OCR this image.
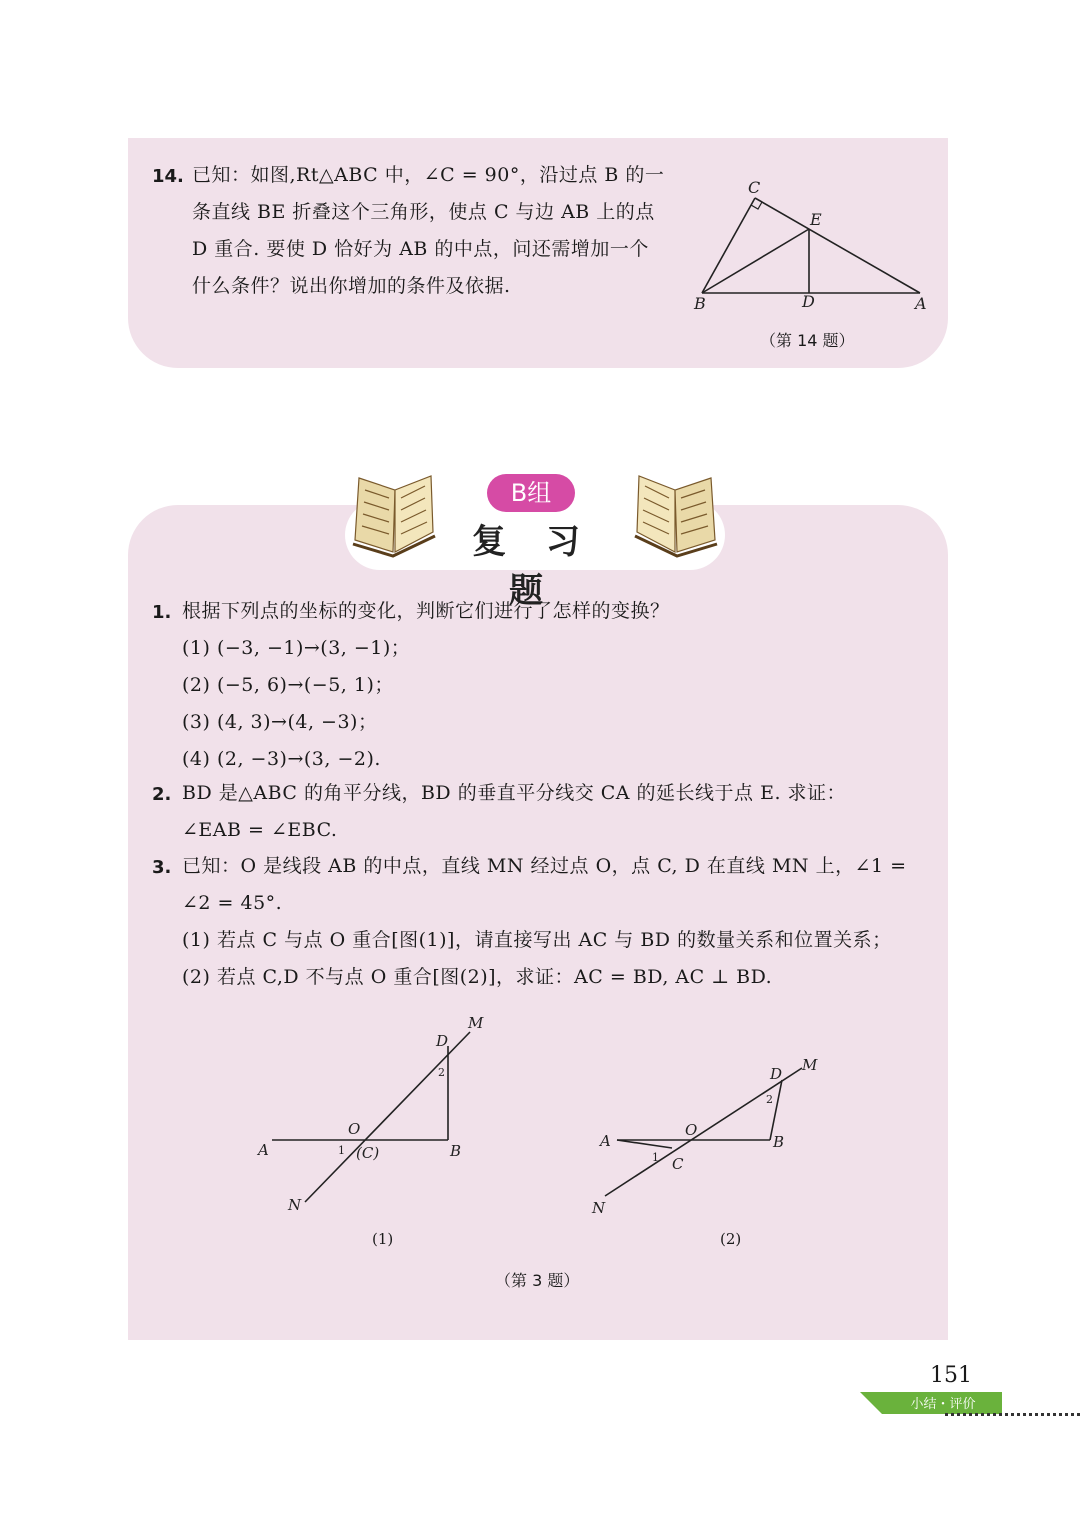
14. 已知：如图,Rt△ABC 中，∠C = 90°，沿过点 B 的一
条直线 BE 折叠这个三角形，使点 C 与边 AB 上的点
D 重合. 要使 D 恰好为 AB 的中点，问还需增加一个
什么条件？说出你增加的条件及依据.
C
E
B	D	A
（第 14 题）
B组
复 习 题
1. 根据下列点的坐标的变化，判断它们进行了怎样的变换？
(1) (−3, −1)→(3, −1)；
(2) (−5, 6)→(−5, 1)；
(3) (4, 3)→(4, −3)；
(4) (2, −3)→(3, −2).
2. BD 是△ABC 的角平分线，BD 的垂直平分线交 CA 的延长线于点 E. 求证：
∠EAB = ∠EBC.
3. 已知：O 是线段 AB 的中点，直线 MN 经过点 O，点 C, D 在直线 MN 上，∠1 =
∠2 = 45°.
(1) 若点 C 与点 O 重合[图(1)]，请直接写出 AC 与 BD 的数量关系和位置关系；
(2) 若点 C,D 不与点 O 重合[图(2)]，求证：AC = BD, AC ⊥ BD.
M
D
2
O
A	1 (C)	B
N
(1)
M
D
2
O
A
1 C
B
N
(2)
（第 3 题）
151
小结・评价
